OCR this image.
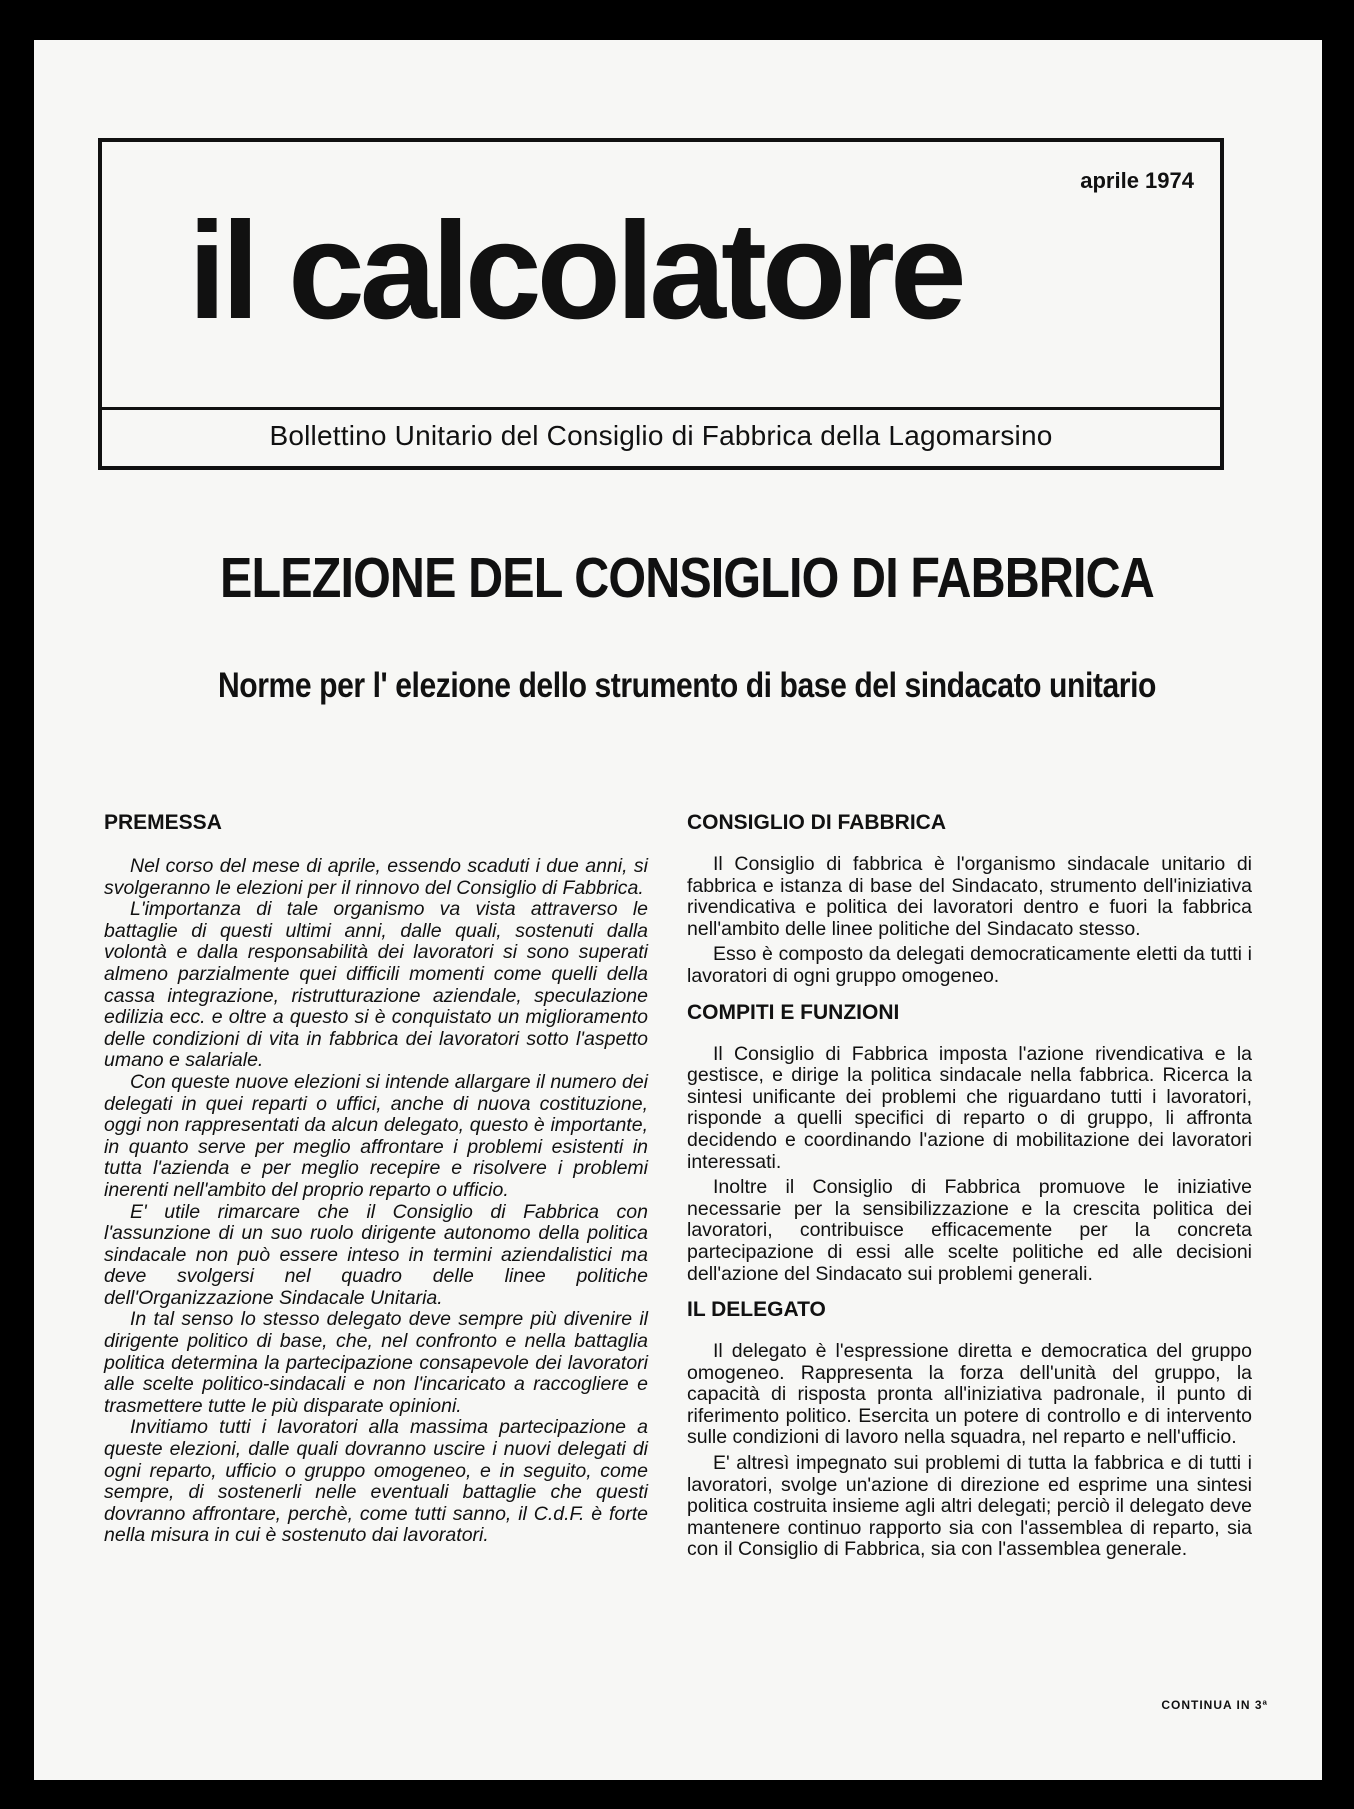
aprile 1974
il calcolatore
Bollettino Unitario del Consiglio di Fabbrica della Lagomarsino
ELEZIONE DEL CONSIGLIO DI FABBRICA
Norme per l' elezione dello strumento di base del sindacato unitario
PREMESSA

Nel corso del mese di aprile, essendo scaduti i due anni, si svolgeranno le elezioni per il rinnovo del Consiglio di Fabbrica.

L'importanza di tale organismo va vista attraverso le battaglie di questi ultimi anni, dalle quali, sostenuti dalla volontà e dalla responsabilità dei lavoratori si sono superati almeno parzialmente quei difficili momenti come quelli della cassa integrazione, ristrutturazione aziendale, speculazione edilizia ecc. e oltre a questo si è conquistato un miglioramento delle condizioni di vita in fabbrica dei lavoratori sotto l'aspetto umano e salariale.

Con queste nuove elezioni si intende allargare il numero dei delegati in quei reparti o uffici, anche di nuova costituzione, oggi non rappresentati da alcun delegato, questo è importante, in quanto serve per meglio affrontare i problemi esistenti in tutta l'azienda e per meglio recepire e risolvere i problemi inerenti nell'ambito del proprio reparto o ufficio.

E' utile rimarcare che il Consiglio di Fabbrica con l'assunzione di un suo ruolo dirigente autonomo della politica sindacale non può essere inteso in termini aziendalistici ma deve svolgersi nel quadro delle linee politiche dell'Organizzazione Sindacale Unitaria.

In tal senso lo stesso delegato deve sempre più divenire il dirigente politico di base, che, nel confronto e nella battaglia politica determina la partecipazione consapevole dei lavoratori alle scelte politico-sindacali e non l'incaricato a raccogliere e trasmettere tutte le più disparate opinioni.

Invitiamo tutti i lavoratori alla massima partecipazione a queste elezioni, dalle quali dovranno uscire i nuovi delegati di ogni reparto, ufficio o gruppo omogeneo, e in seguito, come sempre, di sostenerli nelle eventuali battaglie che questi dovranno affrontare, perchè, come tutti sanno, il C.d.F. è forte nella misura in cui è sostenuto dai lavoratori.

CONSIGLIO DI FABBRICA

Il Consiglio di fabbrica è l'organismo sindacale unitario di fabbrica e istanza di base del Sindacato, strumento dell'iniziativa rivendicativa e politica dei lavoratori dentro e fuori la fabbrica nell'ambito delle linee politiche del Sindacato stesso.

Esso è composto da delegati democraticamente eletti da tutti i lavoratori di ogni gruppo omogeneo.

COMPITI E FUNZIONI

Il Consiglio di Fabbrica imposta l'azione rivendicativa e la gestisce, e dirige la politica sindacale nella fabbrica. Ricerca la sintesi unificante dei problemi che riguardano tutti i lavoratori, risponde a quelli specifici di reparto o di gruppo, li affronta decidendo e coordinando l'azione di mobilitazione dei lavoratori interessati.

Inoltre il Consiglio di Fabbrica promuove le iniziative necessarie per la sensibilizzazione e la crescita politica dei lavoratori, contribuisce efficacemente per la concreta partecipazione di essi alle scelte politiche ed alle decisioni dell'azione del Sindacato sui problemi generali.

IL DELEGATO

Il delegato è l'espressione diretta e democratica del gruppo omogeneo. Rappresenta la forza dell'unità del gruppo, la capacità di risposta pronta all'iniziativa padronale, il punto di riferimento politico. Esercita un potere di controllo e di intervento sulle condizioni di lavoro nella squadra, nel reparto e nell'ufficio.

E' altresì impegnato sui problemi di tutta la fabbrica e di tutti i lavoratori, svolge un'azione di direzione ed esprime una sintesi politica costruita insieme agli altri delegati; perciò il delegato deve mantenere continuo rapporto sia con l'assemblea di reparto, sia con il Consiglio di Fabbrica, sia con l'assemblea generale.

CONTINUA IN 3ª
